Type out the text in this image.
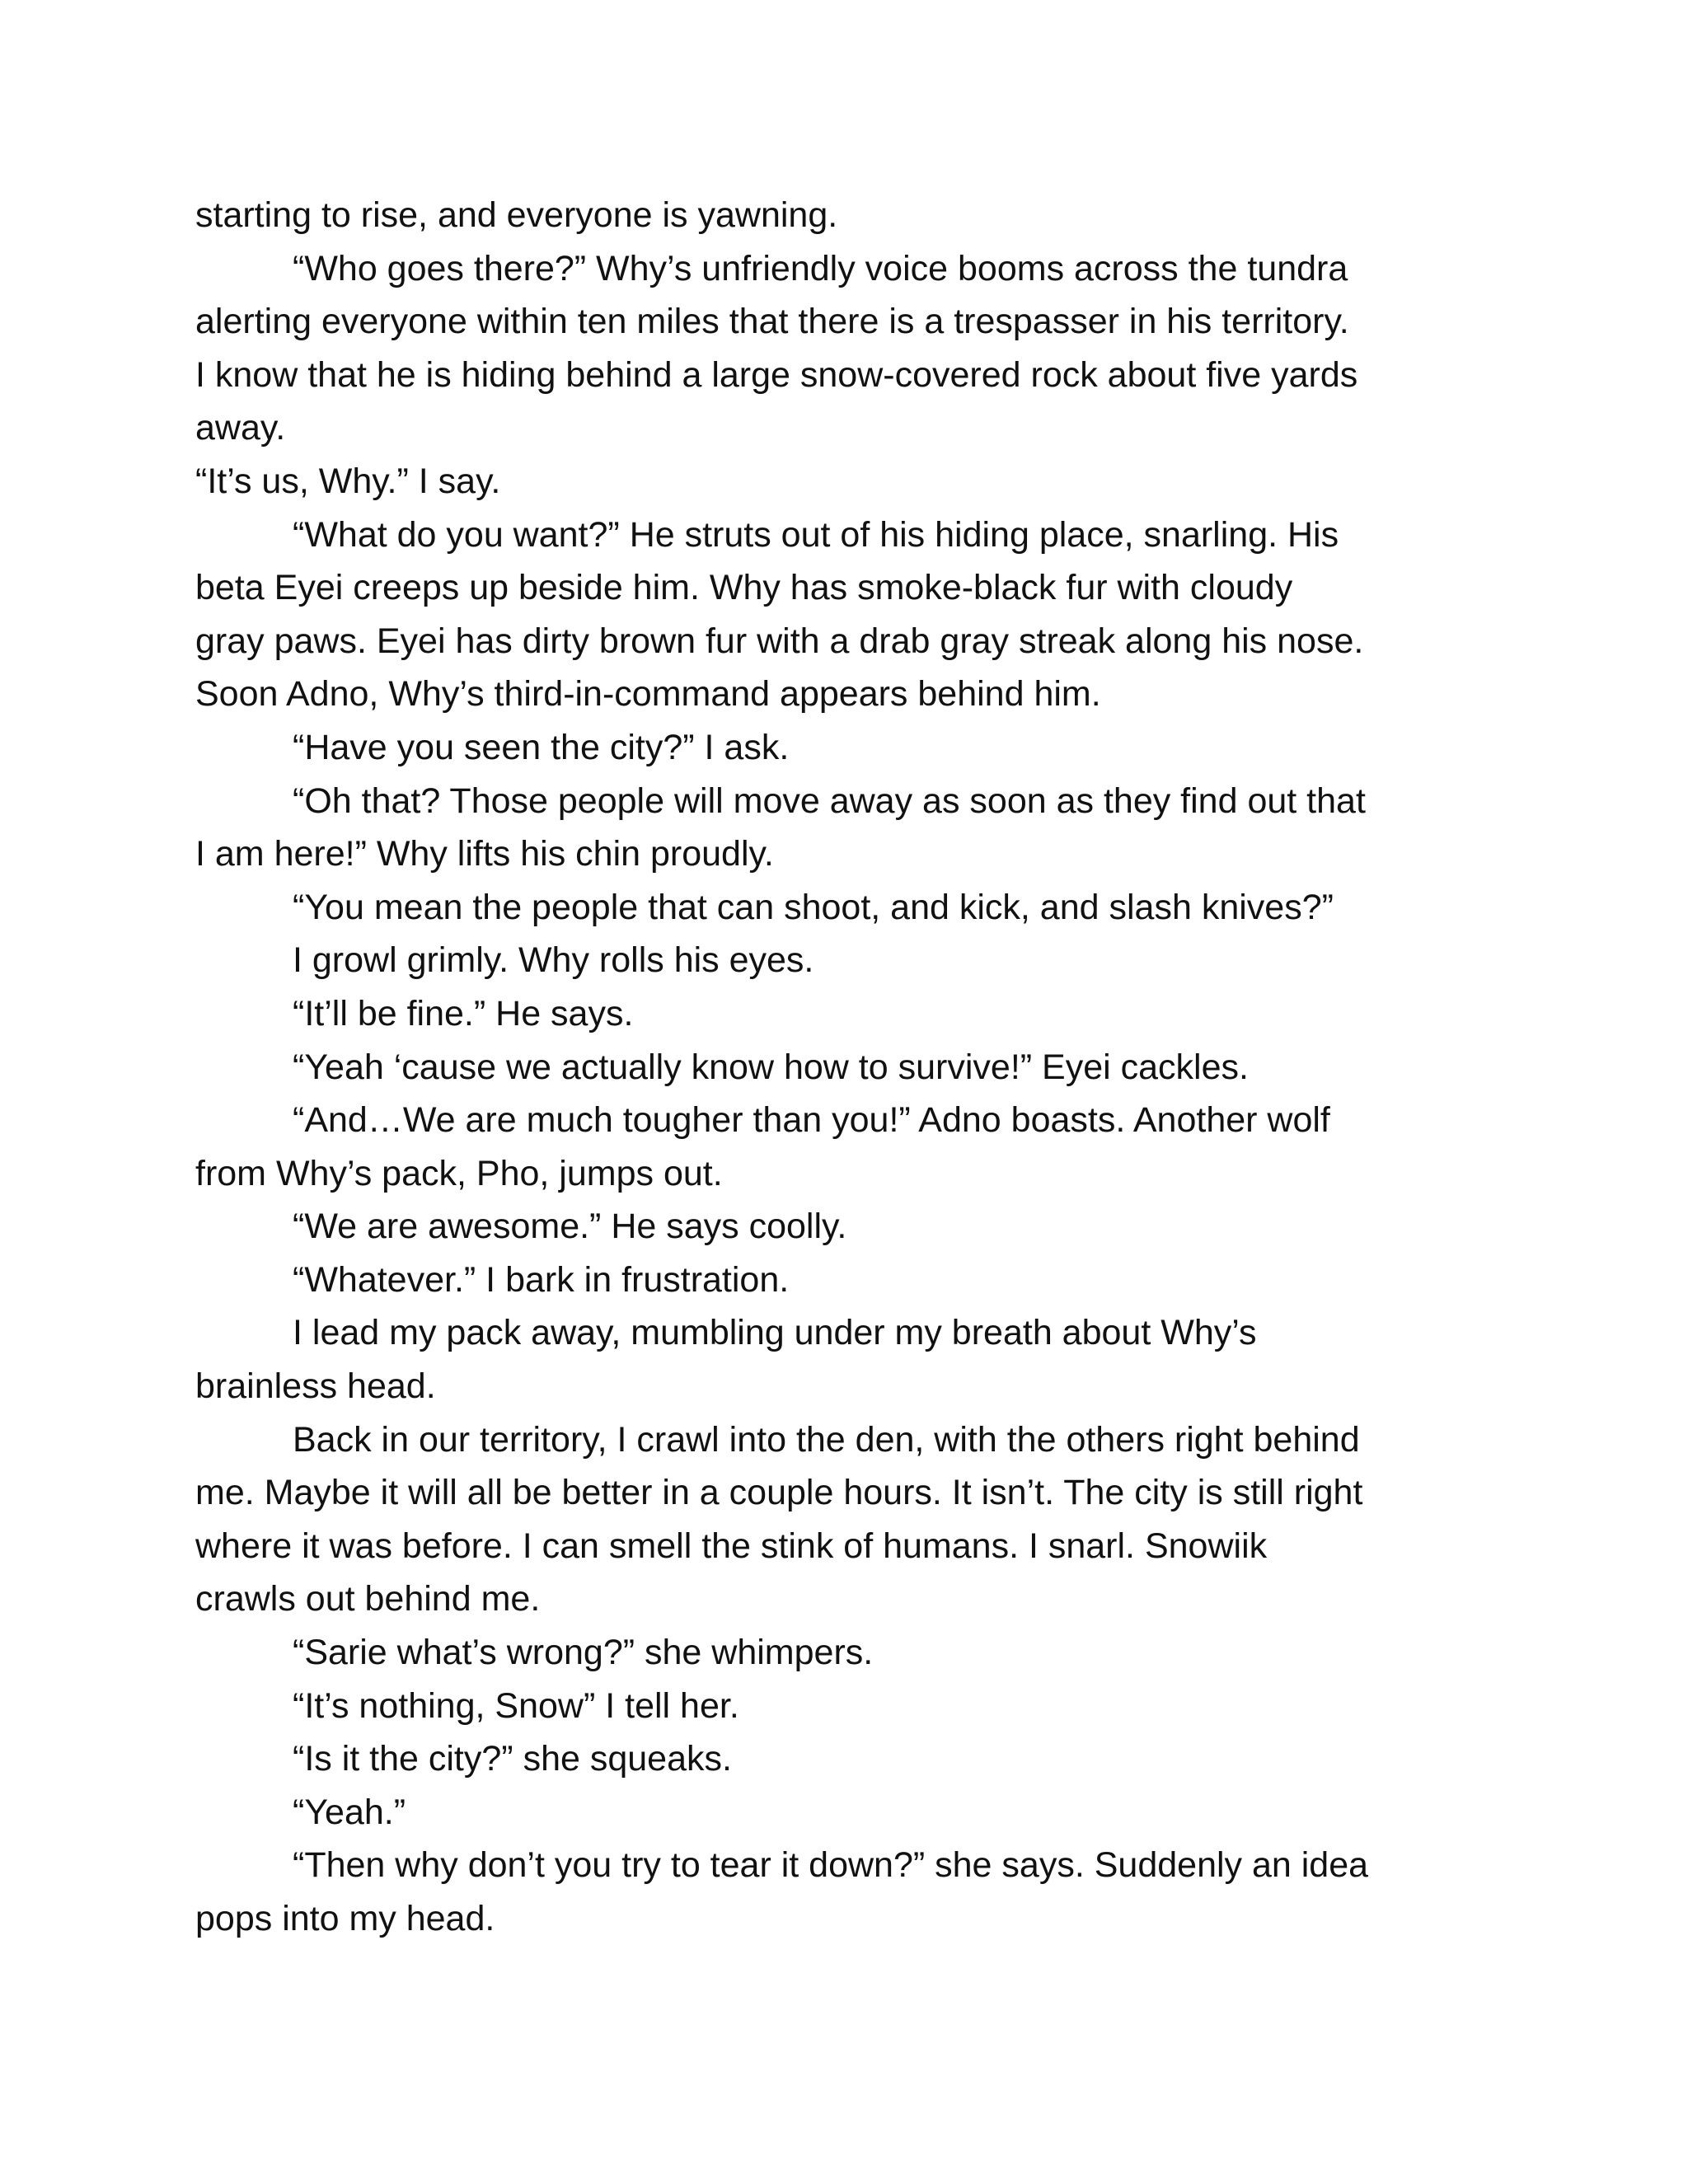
starting to rise, and everyone is yawning.

“Who goes there?” Why’s unfriendly voice booms across the tundra

alerting everyone within ten miles that there is a trespasser in his territory.

I know that he is hiding behind a large snow-covered rock about five yards

away.

“It’s us, Why.” I say.

“What do you want?” He struts out of his hiding place, snarling. His

beta Eyei creeps up beside him. Why has smoke-black fur with cloudy

gray paws. Eyei has dirty brown fur with a drab gray streak along his nose.

Soon Adno, Why’s third-in-command appears behind him.

“Have you seen the city?” I ask.

“Oh that? Those people will move away as soon as they find out that

I am here!” Why lifts his chin proudly.

“You mean the people that can shoot, and kick, and slash knives?”

I growl grimly. Why rolls his eyes.

“It’ll be fine.” He says.

“Yeah ‘cause we actually know how to survive!” Eyei cackles.

“And…We are much tougher than you!” Adno boasts. Another wolf

from Why’s pack, Pho, jumps out.

“We are awesome.” He says coolly.

“Whatever.” I bark in frustration.

I lead my pack away, mumbling under my breath about Why’s

brainless head.

Back in our territory, I crawl into the den, with the others right behind

me. Maybe it will all be better in a couple hours. It isn’t. The city is still right

where it was before. I can smell the stink of humans. I snarl. Snowiik

crawls out behind me.

“Sarie what’s wrong?” she whimpers.

“It’s nothing, Snow” I tell her.

“Is it the city?” she squeaks.

“Yeah.”

“Then why don’t you try to tear it down?” she says. Suddenly an idea

pops into my head.
